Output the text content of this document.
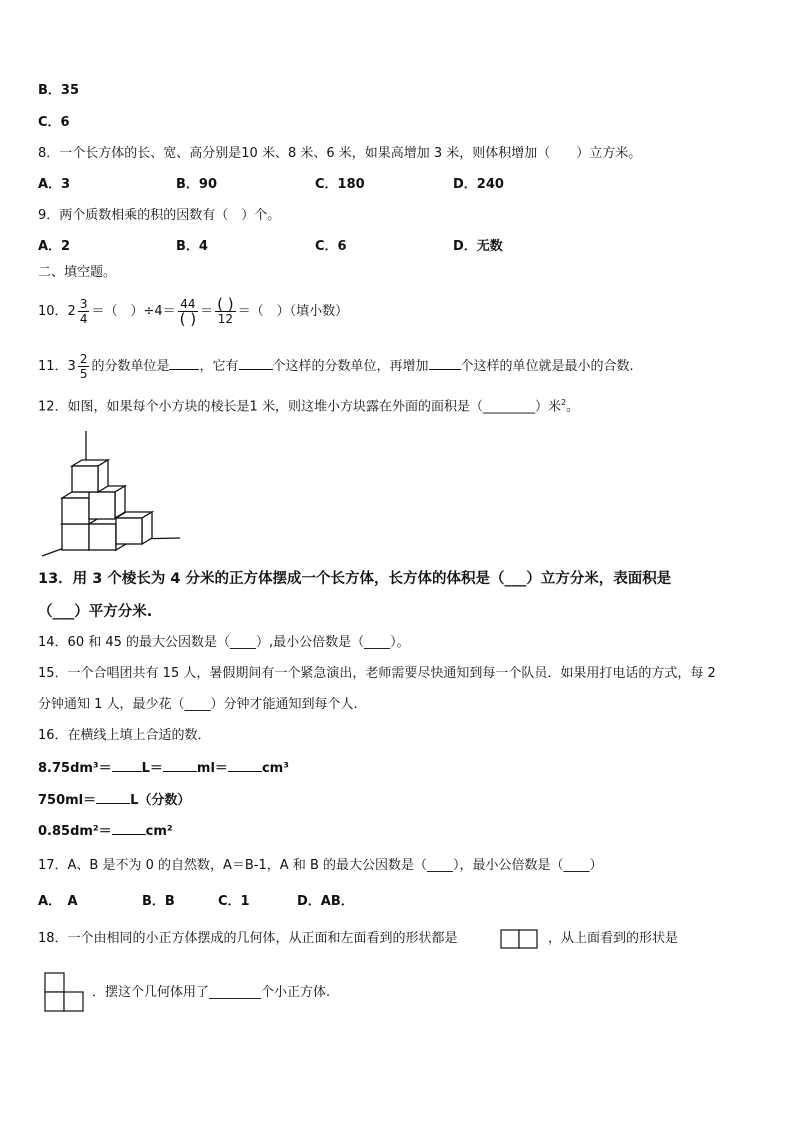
B．35
C．6
8．一个长方体的长、宽、高分别是10 米、8 米、6 米，如果高增加 3 米，则体积增加（　　）立方米。
A．3	B．90	C．180	D．240
9．两个质数相乘的积的因数有（　）个。
A．2	B．4	C．6	D．无数
二、填空题。
10．$2 \frac{3}{4}$ ＝（　）$\div 4= \frac{44}{( )} = \frac{( )}{12}$ ＝（　）（填小数）
11．$3 \frac{2}{5}$ 的分数单位是 ，它有	个这样的分数单位，再增加 个这样的单位就是最小的合数.
12．如图，如果每个小方块的棱长是1 米，则这堆小方块露在外面的面积是（________）米$^2$。
13．用 3 个棱长为 4 分米的正方体摆成一个长方体，长方体的体积是（___）立方分米，表面积是
（___）平方分米.
14．60 和 45 的最大公因数是（____）,最小公倍数是（____）。
15．一个合唱团共有 15 人，暑假期间有一个紧急演出，老师需要尽快通知到每一个队员．如果用打电话的方式，每 2
分钟通知 1 人，最少花（____）分钟才能通知到每个人.
16．在横线上填上合适的数．
8.75dm³＝ L＝	ml＝	cm³
750ml＝	L（分数）
0.85dm²＝	cm²
17．A、B 是不为 0 的自然数，A＝B-1，A 和 B 的最大公因数是（____），最小公倍数是（____）
A．　A	B．B	C．1	D．AB．
18．一个由相同的小正方体摆成的几何体，从正面和左面看到的形状都是	，从上面看到的形状是
．摆这个几何体用了________个小正方体.
